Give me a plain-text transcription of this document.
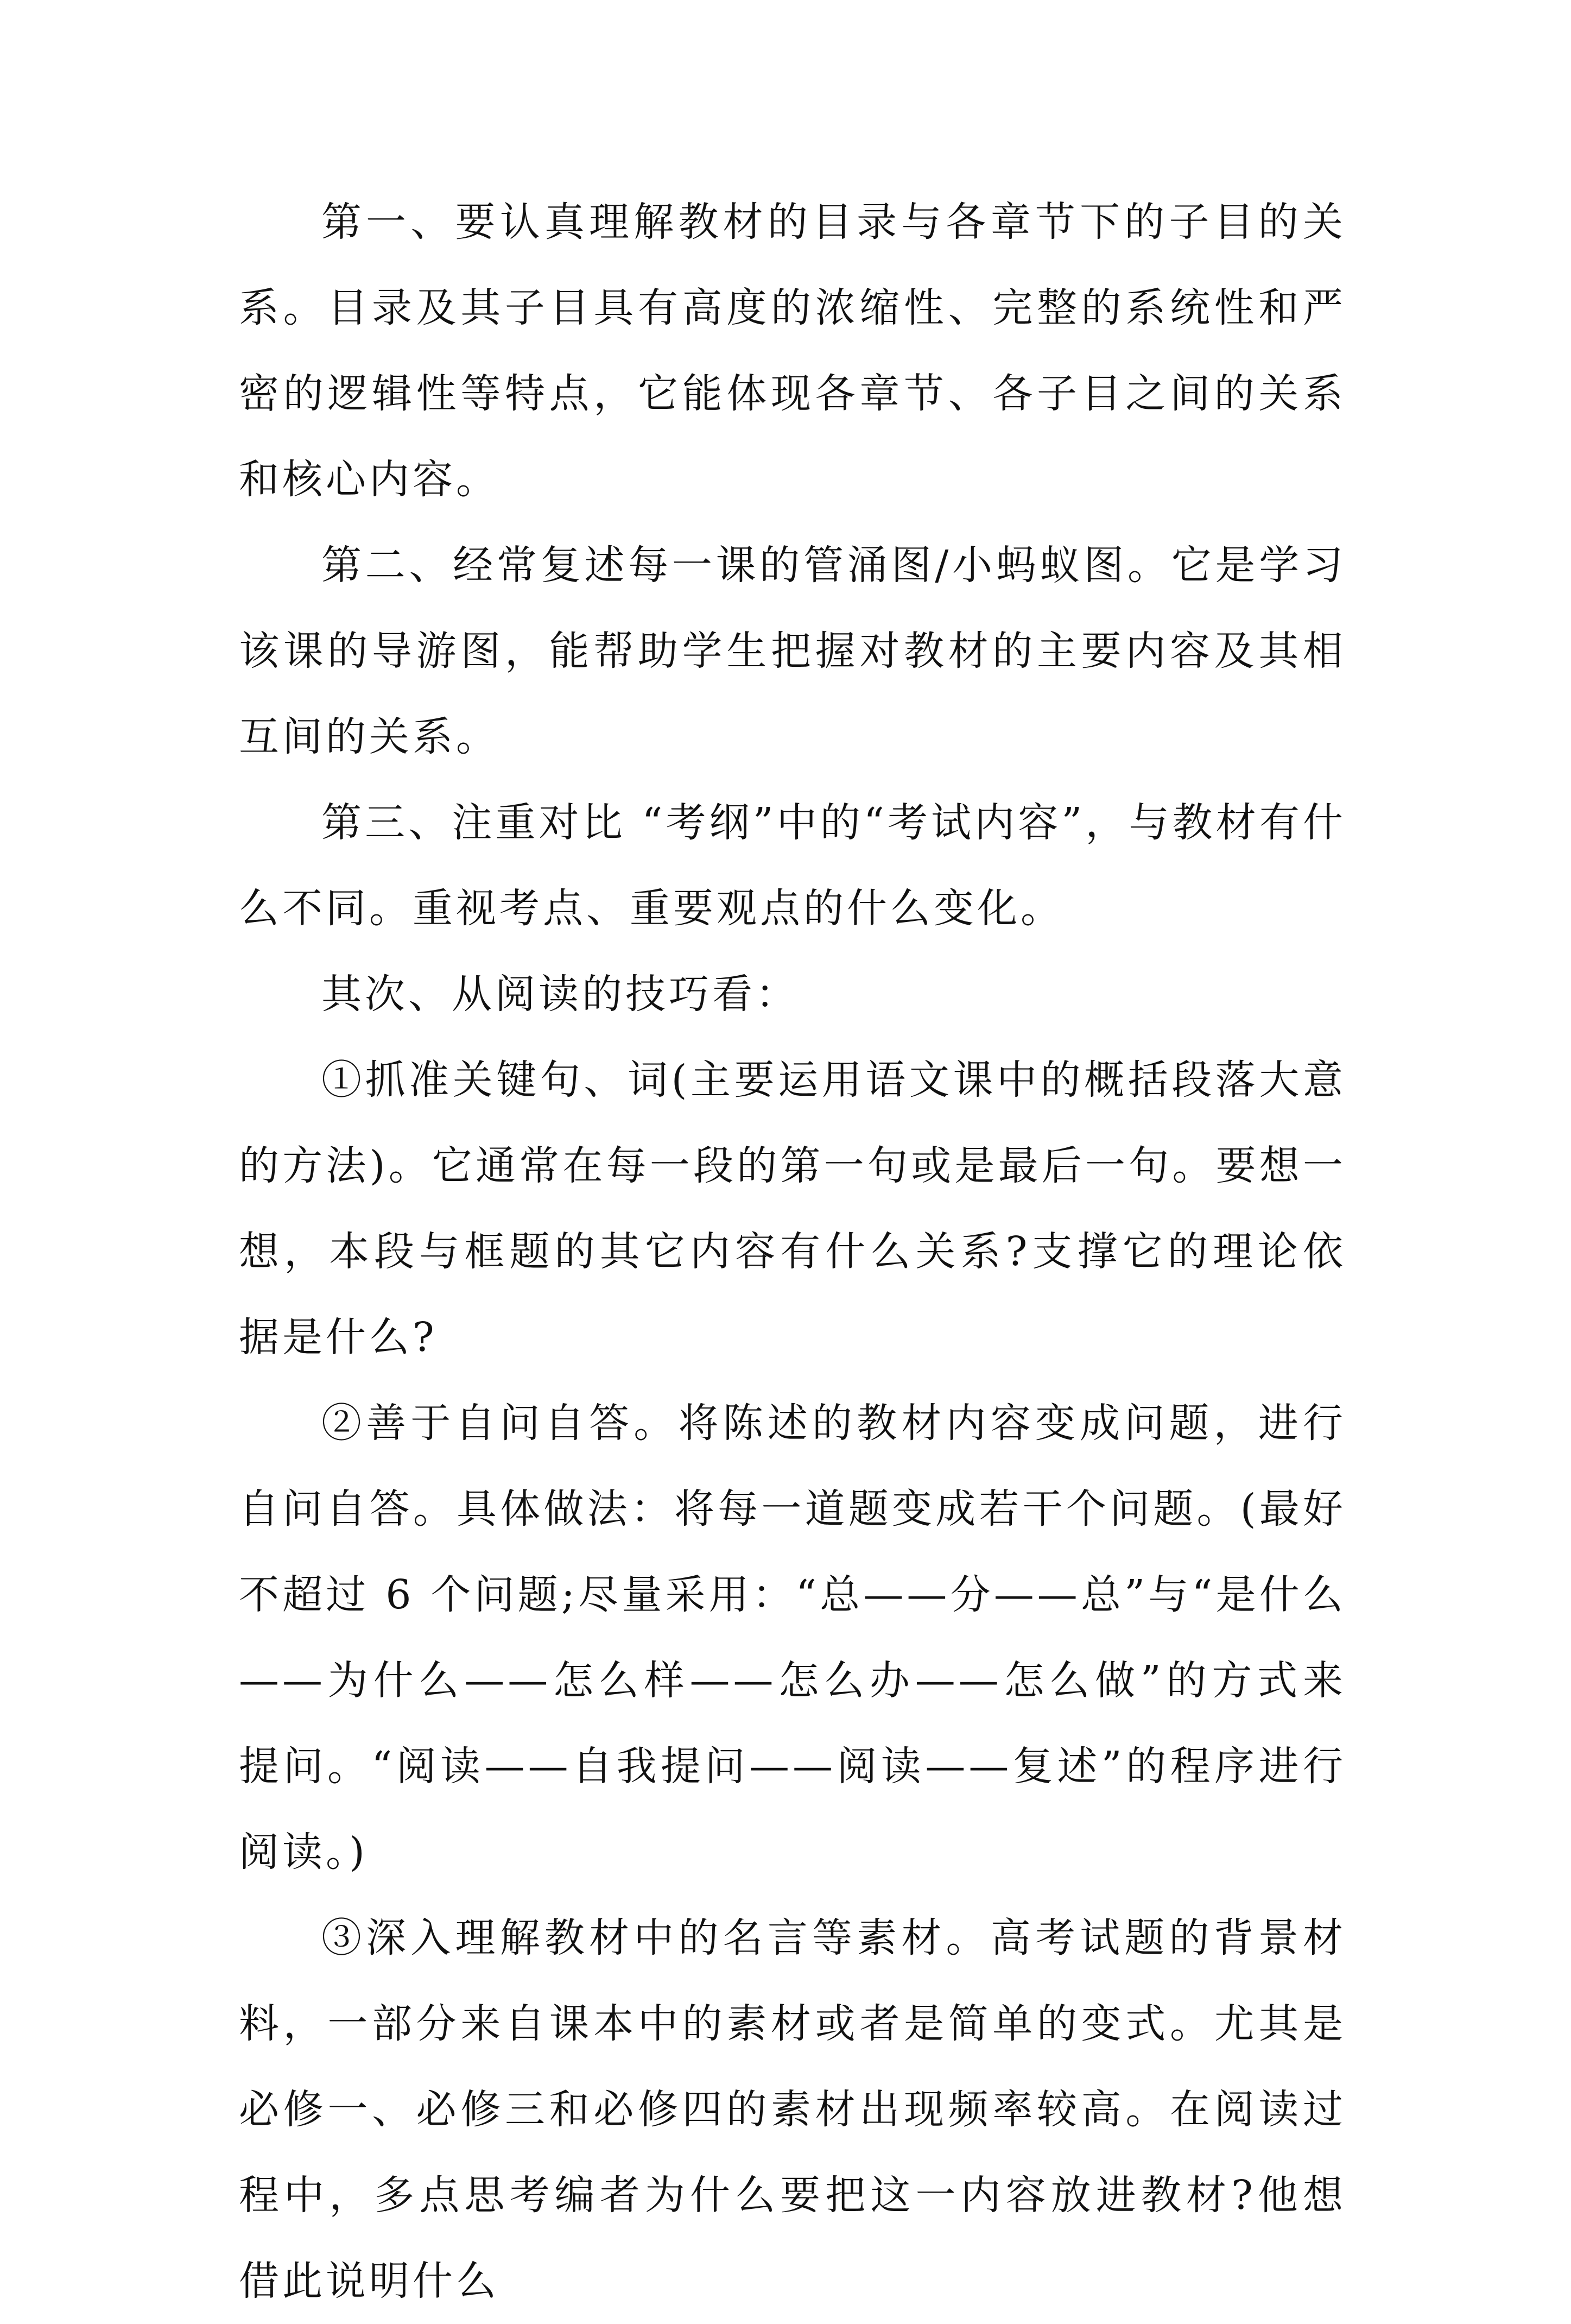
第一、要认真理解教材的目录与各章节下的子目的关系。目录及其子目具有高度的浓缩性、完整的系统性和严密的逻辑性等特点，它能体现各章节、各子目之间的关系和核心内容。

第二、经常复述每一课的管涌图/小蚂蚁图。它是学习该课的导游图，能帮助学生把握对教材的主要内容及其相互间的关系。

第三、注重对比 “考纲”中的“考试内容”，与教材有什么不同。重视考点、重要观点的什么变化。

其次、从阅读的技巧看：

①抓准关键句、词(主要运用语文课中的概括段落大意的方法)。它通常在每一段的第一句或是最后一句。要想一想，本段与框题的其它内容有什么关系?支撑它的理论依据是什么?

②善于自问自答。将陈述的教材内容变成问题，进行自问自答。具体做法：将每一道题变成若干个问题。(最好不超过 6 个问题;尽量采用：“总——分——总”与“是什么——为什么——怎么样——怎么办——怎么做”的方式来提问。“阅读——自我提问——阅读——复述”的程序进行阅读。)

③深入理解教材中的名言等素材。高考试题的背景材料，一部分来自课本中的素材或者是简单的变式。尤其是必修一、必修三和必修四的素材出现频率较高。在阅读过程中，多点思考编者为什么要把这一内容放进教材?他想借此说明什么
